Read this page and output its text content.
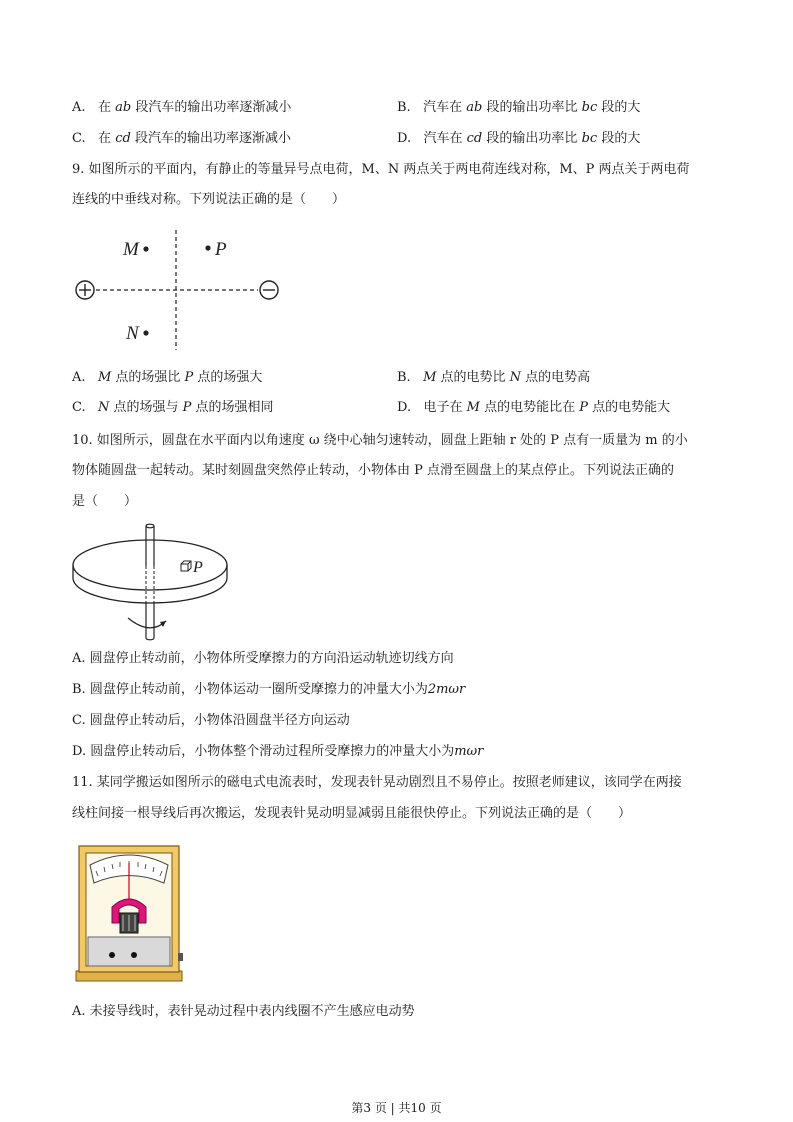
A. 在 ab 段汽车的输出功率逐渐减小	B. 汽车在 ab 段的输出功率比 bc 段的大
C. 在 cd 段汽车的输出功率逐渐减小	D. 汽车在 cd 段的输出功率比 bc 段的大
9. 如图所示的平面内，有静止的等量异号点电荷，M、N 两点关于两电荷连线对称，M、P 两点关于两电荷
连线的中垂线对称。下列说法正确的是（　　）
M	P
N
A. M 点的场强比 P 点的场强大	B. M 点的电势比 N 点的电势高
C. N 点的场强与 P 点的场强相同	D. 电子在 M 点的电势能比在 P 点的电势能大
10. 如图所示，圆盘在水平面内以角速度 ω 绕中心轴匀速转动，圆盘上距轴 r 处的 P 点有一质量为 m 的小
物体随圆盘一起转动。某时刻圆盘突然停止转动，小物体由 P 点滑至圆盘上的某点停止。下列说法正确的
是（　　）
P
A. 圆盘停止转动前，小物体所受摩擦力的方向沿运动轨迹切线方向
B. 圆盘停止转动前，小物体运动一圈所受摩擦力的冲量大小为2mωr
C. 圆盘停止转动后，小物体沿圆盘半径方向运动
D. 圆盘停止转动后，小物体整个滑动过程所受摩擦力的冲量大小为mωr
11. 某同学搬运如图所示的磁电式电流表时，发现表针晃动剧烈且不易停止。按照老师建议，该同学在两接
线柱间接一根导线后再次搬运，发现表针晃动明显减弱且能很快停止。下列说法正确的是（　　）
A. 未接导线时，表针晃动过程中表内线圈不产生感应电动势
第3 页 | 共10 页
